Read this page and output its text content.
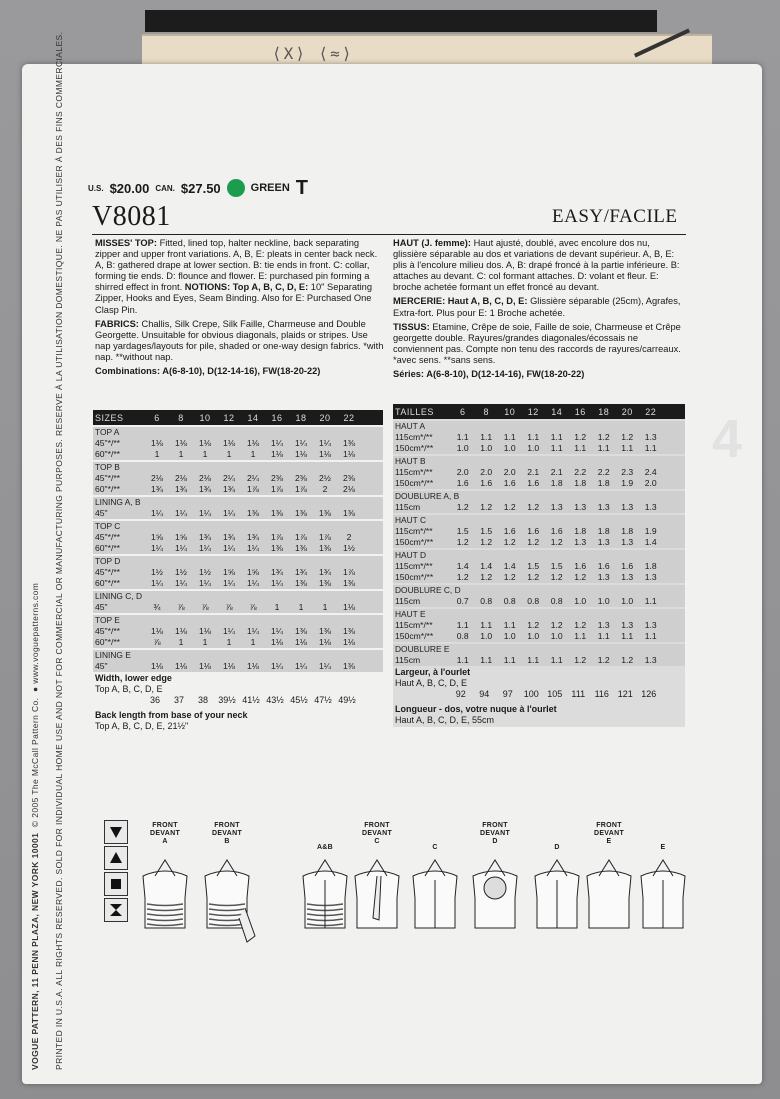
⟨X⟩ ⟨≈⟩
VOGUE PATTERN, 11 PENN PLAZA, NEW YORK 10001  © 2005 The McCall Pattern Co.  ● www.voguepatterns.com PRINTED IN U.S.A. ALL RIGHTS RESERVED. SOLD FOR INDIVIDUAL HOME USE AND NOT FOR COMMERCIAL OR MANUFACTURING PURPOSES. RESERVE À LA UTILISATION DOMESTIQUE. NE PAS UTILISER À DES FINS COMMERCIALES.	4
U.S. $20.00 CAN. $27.50	GREEN T
V8081	EASY/FACILE

MISSES' TOP: Fitted, lined top, halter neckline, back separating zipper and upper front variations. A, B, E: pleats in center back neck. A, B: gathered drape at lower section. B: tie ends in front. C: collar, forming tie ends. D: flounce and flower. E: purchased pin forming a shirred effect in front. NOTIONS: Top A, B, C, D, E: 10" Separating Zipper, Hooks and Eyes, Seam Binding. Also for E: Purchased One Clasp Pin.

FABRICS: Challis, Silk Crepe, Silk Faille, Charmeuse and Double Georgette. Unsuitable for obvious diagonals, plaids or stripes. Use nap yardages/layouts for pile, shaded or one-way design fabrics. *with nap. **without nap.

Combinations: A(6-8-10), D(12-14-16), FW(18-20-22)

HAUT (J. femme): Haut ajusté, doublé, avec encolure dos nu, glissière séparable au dos et variations de devant supérieur. A, B, E: plis à l'encolure milieu dos. A, B: drapé froncé à la partie inférieure. B: attaches au devant. C: col formant attaches. D: volant et fleur. E: broche achetée formant un effet froncé au devant.

MERCERIE: Haut A, B, C, D, E: Glissière séparable (25cm), Agrafes, Extra-fort. Plus pour E: 1 Broche achetée.

TISSUS: Etamine, Crêpe de soie, Faille de soie, Charmeuse et Crêpe georgette double. Rayures/grandes diagonales/écossais ne conviennent pas. Compte non tenu des raccords de rayures/carreaux. *avec sens. **sans sens.

Séries: A(6-8-10), D(12-14-16), FW(18-20-22)

SIZES	6	8	10	12	14	16	18	20	22
TOP A
45"*/**	1⅛	1⅛	1⅛	1⅛	1⅛	1¼	1¼	1¼	1⅜
60"*/**	1	1	1	1	1	1⅛	1⅛	1⅛	1⅛
TOP B
45"*/**	2⅛	2⅛	2⅛	2¼	2¼	2⅜	2⅜	2½	2⅜
60"*/**	1¾	1¾	1¾	1¾	1⅞	1⅞	1⅞	2	2⅛
LINING A, B
45"	1¼	1¼	1¼	1¼	1⅜	1⅜	1⅜	1⅜	1⅜
TOP C
45"*/**	1⅝	1⅝	1¾	1¾	1¾	1⅞	1⅞	1⅞	2
60"*/**	1¼	1¼	1¼	1¼	1¼	1⅜	1⅜	1⅜	1½
TOP D
45"*/**	1½	1½	1½	1⅝	1⅝	1¾	1¾	1¾	1⅞
60"*/**	1¼	1¼	1¼	1¼	1¼	1¼	1⅜	1⅜	1⅜
LINING C, D
45"	¾	⅞	⅞	⅞	⅞	1	1	1	1⅛
TOP E
45"*/**	1⅛	1⅛	1⅛	1¼	1¼	1¼	1⅜	1⅜	1⅜
60"*/**	⅞	1	1	1	1	1⅛	1⅛	1⅛	1⅛
LINING E
45"	1⅛	1⅛	1⅛	1⅛	1⅛	1¼	1¼	1¼	1⅜
Width, lower edge
Top A, B, C, D, E
36	37	38	39½ 41½ 43½ 45½ 47½ 49½
Back length from base of your neck
Top A, B, C, D, E, 21½"
TAILLES	6	8	10	12	14	16	18	20	22
HAUT A
115cm*/**	1.1	1.1	1.1	1.1	1.1	1.2	1.2	1.2	1.3
150cm*/**	1.0	1.0	1.0	1.0	1.1	1.1	1.1	1.1	1.1
HAUT B
115cm*/**	2.0	2.0	2.0	2.1	2.1	2.2	2.2	2.3	2.4
150cm*/**	1.6	1.6	1.6	1.6	1.8	1.8	1.8	1.9	2.0
DOUBLURE A, B
115cm	1.2	1.2	1.2	1.2	1.3	1.3	1.3	1.3	1.3
HAUT C
115cm*/**	1.5	1.5	1.6	1.6	1.6	1.8	1.8	1.8	1.9
150cm*/**	1.2	1.2	1.2	1.2	1.2	1.3	1.3	1.3	1.4
HAUT D
115cm*/**	1.4	1.4	1.4	1.5	1.5	1.6	1.6	1.6	1.8
150cm*/**	1.2	1.2	1.2	1.2	1.2	1.2	1.3	1.3	1.3
DOUBLURE C, D
115cm	0.7	0.8	0.8	0.8	0.8	1.0	1.0	1.0	1.1
HAUT E
115cm*/**	1.1	1.1	1.1	1.2	1.2	1.2	1.3	1.3	1.3
150cm*/**	0.8	1.0	1.0	1.0	1.0	1.1	1.1	1.1	1.1
DOUBLURE E
115cm	1.1	1.1	1.1	1.1	1.1	1.2	1.2	1.2	1.3
Largeur, à l'ourlet
Haut A, B, C, D, E
92	94	97	100 105	111	116 121 126
Longueur - dos, votre nuque à l'ourlet
Haut A, B, C, D, E, 55cm
FRONT
DEVANT
A
FRONT
DEVANT
B
A&B
FRONT
DEVANT
C
C
FRONT
DEVANT
D
D
FRONT
DEVANT
E
E
